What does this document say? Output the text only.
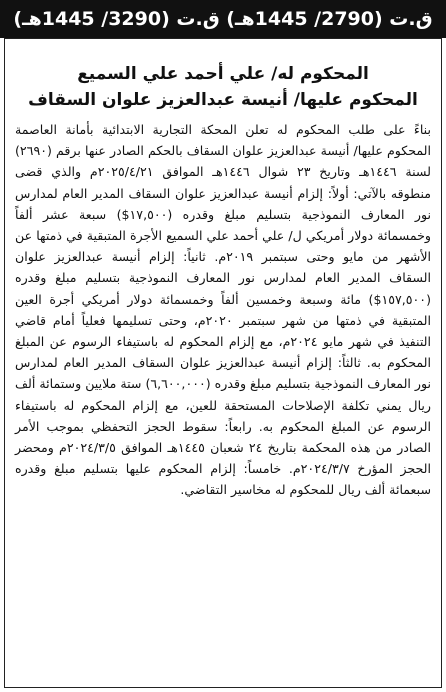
ق.ت (2790/ 1445هـ) ق.ت (3290/ 1445هـ)

المحكوم له/ علي أحمد علي السميع

المحكوم عليها/ أنيسة عبدالعزيز علوان السقاف

بناءً على طلب المحكوم له تعلن المحكة التجارية الابتدائية بأمانة العاصمة المحكوم عليها/ أنيسة عبدالعزيز علوان السقاف بالحكم الصادر عنها برقم (٢٦٩٠) لسنة ١٤٤٦هـ وتاريخ ٢٣ شوال ١٤٤٦هـ الموافق ٢٠٢٥/٤/٢١م والذي قضى منطوقه بالآتي: أولاً: إلزام أنيسة عبدالعزيز علوان السقاف المدير العام لمدارس نور المعارف النموذجية بتسليم مبلغ وقدره (١٧,٥٠٠$) سبعة عشر ألفاً وخمسمائة دولار أمريكي ل/ علي أحمد علي السميع الأجرة المتبقية في ذمتها عن الأشهر من مايو وحتى سبتمبر ٢٠١٩م. ثانياً: إلزام أنيسة عبدالعزيز علوان السقاف المدير العام لمدارس نور المعارف النموذجية بتسليم مبلغ وقدره (١٥٧,٥٠٠$) مائة وسبعة وخمسين ألفاً وخمسمائة دولار أمريكي أجرة العين المتبقية في ذمتها من شهر سبتمبر ٢٠٢٠م، وحتى تسليمها فعلياً أمام قاضي التنفيذ في شهر مايو ٢٠٢٤م، مع إلزام المحكوم له باستيفاء الرسوم عن المبلغ المحكوم به. ثالثاً: إلزام أنيسة عبدالعزيز علوان السقاف المدير العام لمدارس نور المعارف النموذجية بتسليم مبلغ وقدره (٦,٦٠٠,٠٠٠) ستة ملايين وستمائة ألف ريال يمني تكلفة الإصلاحات المستحقة للعين، مع إلزام المحكوم له باستيفاء الرسوم عن المبلغ المحكوم به. رابعاً: سقوط الحجز التحفظي بموجب الأمر الصادر من هذه المحكمة بتاريخ ٢٤ شعبان ١٤٤٥هـ الموافق ٢٠٢٤/٣/٥م ومحضر الحجز المؤرخ ٢٠٢٤/٣/٧م. خامساً: إلزام المحكوم عليها بتسليم مبلغ وقدره سبعمائة ألف ريال للمحكوم له مخاسير التقاضي.
